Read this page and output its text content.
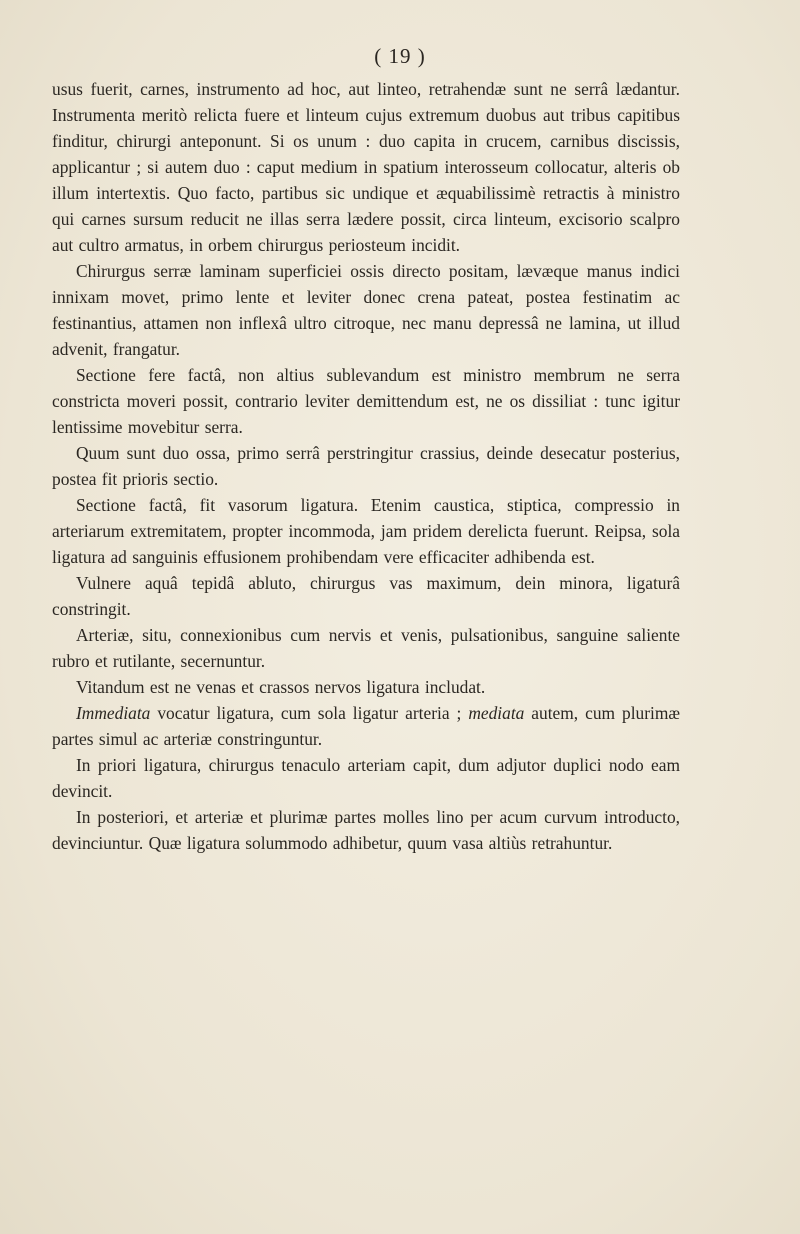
( 19 )

usus fuerit, carnes, instrumento ad hoc, aut linteo, retrahendæ sunt ne serrâ lædantur. Instrumenta meritò relicta fuere et linteum cujus extremum duobus aut tribus capitibus finditur, chirurgi anteponunt. Si os unum : duo capita in crucem, carnibus discissis, applicantur ; si autem duo : caput medium in spatium interosseum collocatur, alteris ob illum intertextis. Quo facto, partibus sic undique et æquabilissimè retractis à ministro qui carnes sursum reducit ne illas serra lædere possit, circa linteum, excisorio scalpro aut cultro armatus, in orbem chirurgus periosteum incidit.

Chirurgus serræ laminam superficiei ossis directo positam, lævæque manus indici innixam movet, primo lente et leviter donec crena pateat, postea festinatim ac festinantius, attamen non inflexâ ultro citroque, nec manu depressâ ne lamina, ut illud advenit, frangatur.

Sectione fere factâ, non altius sublevandum est ministro membrum ne serra constricta moveri possit, contrario leviter demittendum est, ne os dissiliat : tunc igitur lentissime movebitur serra.

Quum sunt duo ossa, primo serrâ perstringitur crassius, deinde desecatur posterius, postea fit prioris sectio.

Sectione factâ, fit vasorum ligatura. Etenim caustica, stiptica, compressio in arteriarum extremitatem, propter incommoda, jam pridem derelicta fuerunt. Reipsa, sola ligatura ad sanguinis effusionem prohibendam vere efficaciter adhibenda est.

Vulnere aquâ tepidâ abluto, chirurgus vas maximum, dein minora, ligaturâ constringit.

Arteriæ, situ, connexionibus cum nervis et venis, pulsationibus, sanguine saliente rubro et rutilante, secernuntur.

Vitandum est ne venas et crassos nervos ligatura includat.

Immediata vocatur ligatura, cum sola ligatur arteria ; mediata autem, cum plurimæ partes simul ac arteriæ constringuntur.

In priori ligatura, chirurgus tenaculo arteriam capit, dum adjutor duplici nodo eam devincit.

In posteriori, et arteriæ et plurimæ partes molles lino per acum curvum introducto, devinciuntur. Quæ ligatura solummodo adhibetur, quum vasa altiùs retrahuntur.
